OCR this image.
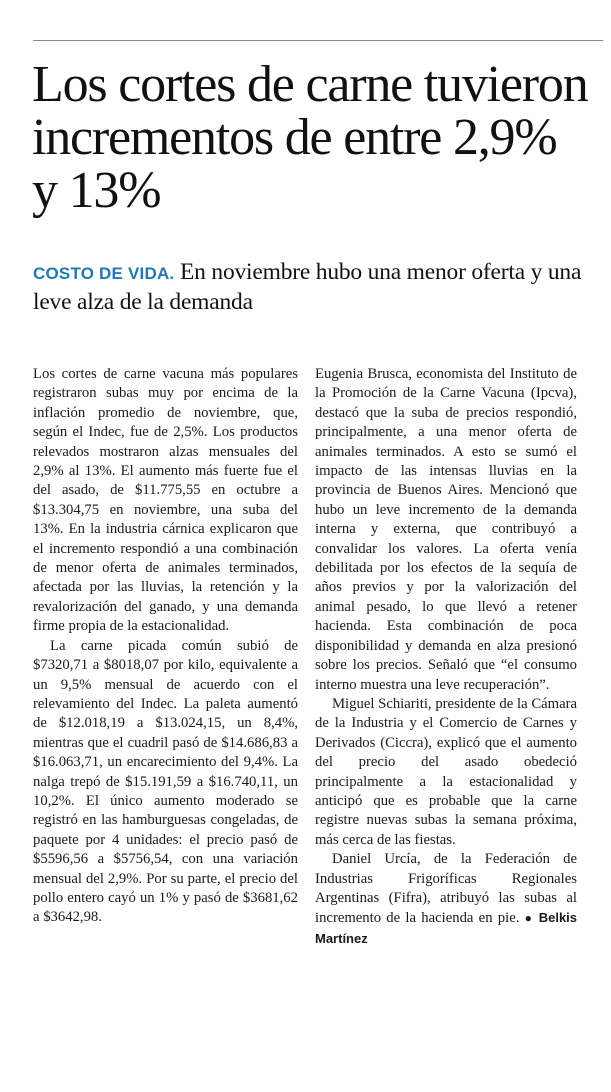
Los cortes de carne tuvieron incrementos de entre 2,9% y 13%
COSTO DE VIDA. En noviembre hubo una menor oferta y una leve alza de la demanda

Los cortes de carne vacuna más populares registraron subas muy por encima de la inflación promedio de noviembre, que, según el Indec, fue de 2,5%. Los productos relevados mostraron alzas mensuales del 2,9% al 13%. El aumento más fuerte fue el del asado, de $11.775,55 en octubre a $13.304,75 en noviembre, una suba del 13%. En la industria cárnica explicaron que el incremento respondió a una combinación de menor oferta de animales terminados, afectada por las lluvias, la retención y la revalorización del ganado, y una demanda firme propia de la estacionalidad.

La carne picada común subió de $7320,71 a $8018,07 por kilo, equivalente a un 9,5% mensual de acuerdo con el relevamiento del Indec. La paleta aumentó de $12.018,19 a $13.024,15, un 8,4%, mientras que el cuadril pasó de $14.686,83 a $16.063,71, un encarecimiento del 9,4%. La nalga trepó de $15.191,59 a $16.740,11, un 10,2%. El único aumento moderado se registró en las hamburguesas congeladas, de paquete por 4 unidades: el precio pasó de $5596,56 a $5756,54, con una variación mensual del 2,9%. Por su parte, el precio del pollo entero cayó un 1% y pasó de $3681,62 a $3642,98.

Eugenia Brusca, economista del Instituto de la Promoción de la Carne Vacuna (Ipcva), destacó que la suba de precios respondió, principalmente, a una menor oferta de animales terminados. A esto se sumó el impacto de las intensas lluvias en la provincia de Buenos Aires. Mencionó que hubo un leve incremento de la demanda interna y externa, que contribuyó a convalidar los valores. La oferta venía debilitada por los efectos de la sequía de años previos y por la valorización del animal pesado, lo que llevó a retener hacienda. Esta combinación de poca disponibilidad y demanda en alza presionó sobre los precios. Señaló que “el consumo interno muestra una leve recuperación”.

Miguel Schiariti, presidente de la Cámara de la Industria y el Comercio de Carnes y Derivados (Ciccra), explicó que el aumento del precio del asado obedeció principalmente a la estacionalidad y anticipó que es probable que la carne registre nuevas subas la semana próxima, más cerca de las fiestas.

Daniel Urcía, de la Federación de Industrias Frigoríficas Regionales Argentinas (Fifra), atribuyó las subas al incremento de la hacienda en pie. ● Belkis Martínez
